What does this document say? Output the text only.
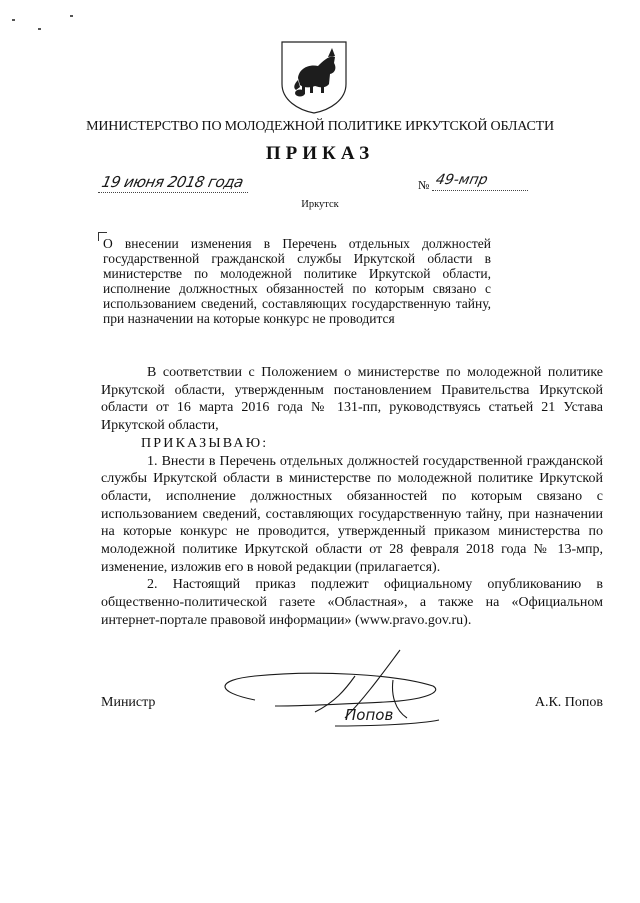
МИНИСТЕРСТВО ПО МОЛОДЕЖНОЙ ПОЛИТИКЕ ИРКУТСКОЙ ОБЛАСТИ
ПРИКАЗ
19 июня 2018 года	№ 49-мпр
Иркутск
О внесении изменения в Перечень отдельных должностей государственной гражданской службы Иркутской области в министерстве по молодежной политике Иркутской области, исполнение должностных обязанностей по которым связано с использованием сведений, составляющих государственную тайну, при назначении на которые конкурс не проводится

В соответствии с Положением о министерстве по молодежной политике Иркутской области, утвержденным постановлением Правительства Иркутской области от 16 марта 2016 года № 131-пп, руководствуясь статьей 21 Устава Иркутской области,

ПРИКАЗЫВАЮ:

1. Внести в Перечень отдельных должностей государственной гражданской службы Иркутской области в министерстве по молодежной политике Иркутской области, исполнение должностных обязанностей по которым связано с использованием сведений, составляющих государственную тайну, при назначении на которые конкурс не проводится, утвержденный приказом министерства по молодежной политике Иркутской области от 28 февраля 2018 года № 13-мпр, изменение, изложив его в новой редакции (прилагается).

2. Настоящий приказ подлежит официальному опубликованию в общественно-политической газете «Областная», а также на «Официальном интернет-портале правовой информации» (www.pravo.gov.ru).

Министр
Попов
А.К. Попов
